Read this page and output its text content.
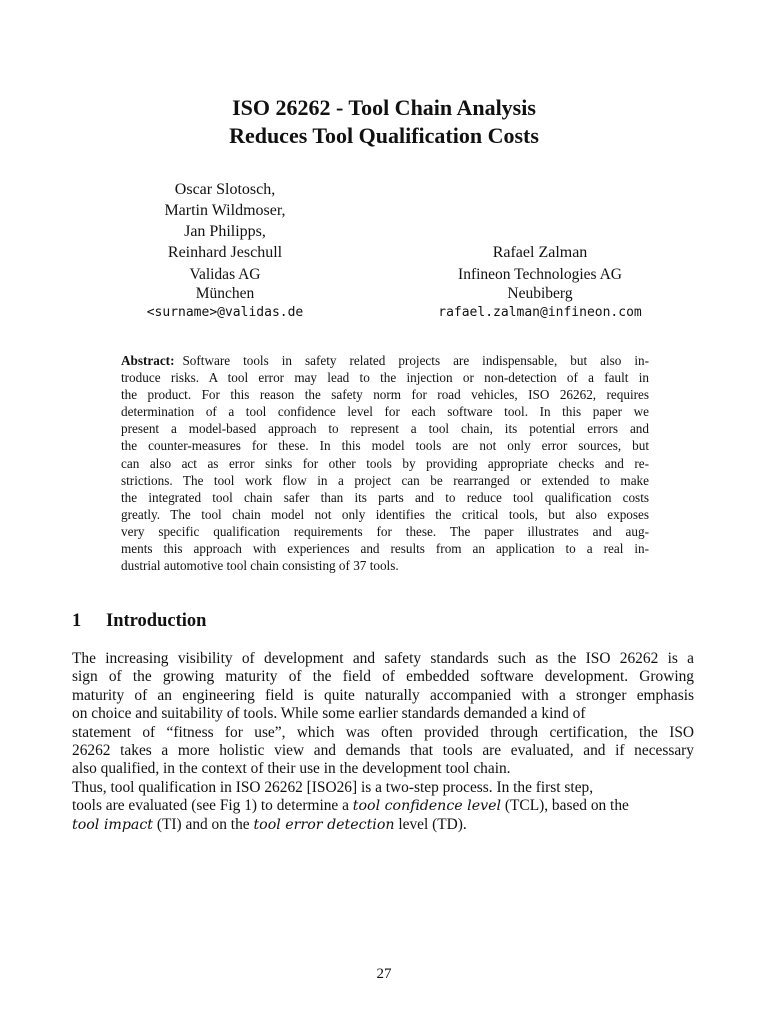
ISO 26262 - Tool Chain Analysis
Reduces Tool Qualification Costs
Oscar Slotosch,
Martin Wildmoser,
Jan Philipps,
Reinhard Jeschull	Rafael Zalman
Validas AG
München
Infineon Technologies AG
Neubiberg
<surname>@validas.de	rafael.zalman@infineon.com
Abstract: Software tools in safety related projects are indispensable, but also in-
troduce risks. A tool error may lead to the injection or non-detection of a fault in
the product. For this reason the safety norm for road vehicles, ISO 26262, requires
determination of a tool confidence level for each software tool. In this paper we
present a model-based approach to represent a tool chain, its potential errors and
the counter-measures for these. In this model tools are not only error sources, but
can also act as error sinks for other tools by providing appropriate checks and re-
strictions. The tool work flow in a project can be rearranged or extended to make
the integrated tool chain safer than its parts and to reduce tool qualification costs
greatly. The tool chain model not only identifies the critical tools, but also exposes
very specific qualification requirements for these. The paper illustrates and aug-
ments this approach with experiences and results from an application to a real in-
dustrial automotive tool chain consisting of 37 tools.
1 Introduction
The increasing visibility of development and safety standards such as the ISO 26262 is a
sign of the growing maturity of the field of embedded software development. Growing
maturity of an engineering field is quite naturally accompanied with a stronger emphasis
on choice and suitability of tools. While some earlier standards demanded a kind of
statement of “fitness for use”, which was often provided through certification, the ISO
26262 takes a more holistic view and demands that tools are evaluated, and if necessary
also qualified, in the context of their use in the development tool chain.
Thus, tool qualification in ISO 26262 [ISO26] is a two-step process. In the first step,
tools are evaluated (see Fig 1) to determine a tool confidence level (TCL), based on the
tool impact (TI) and on the tool error detection level (TD).
27
